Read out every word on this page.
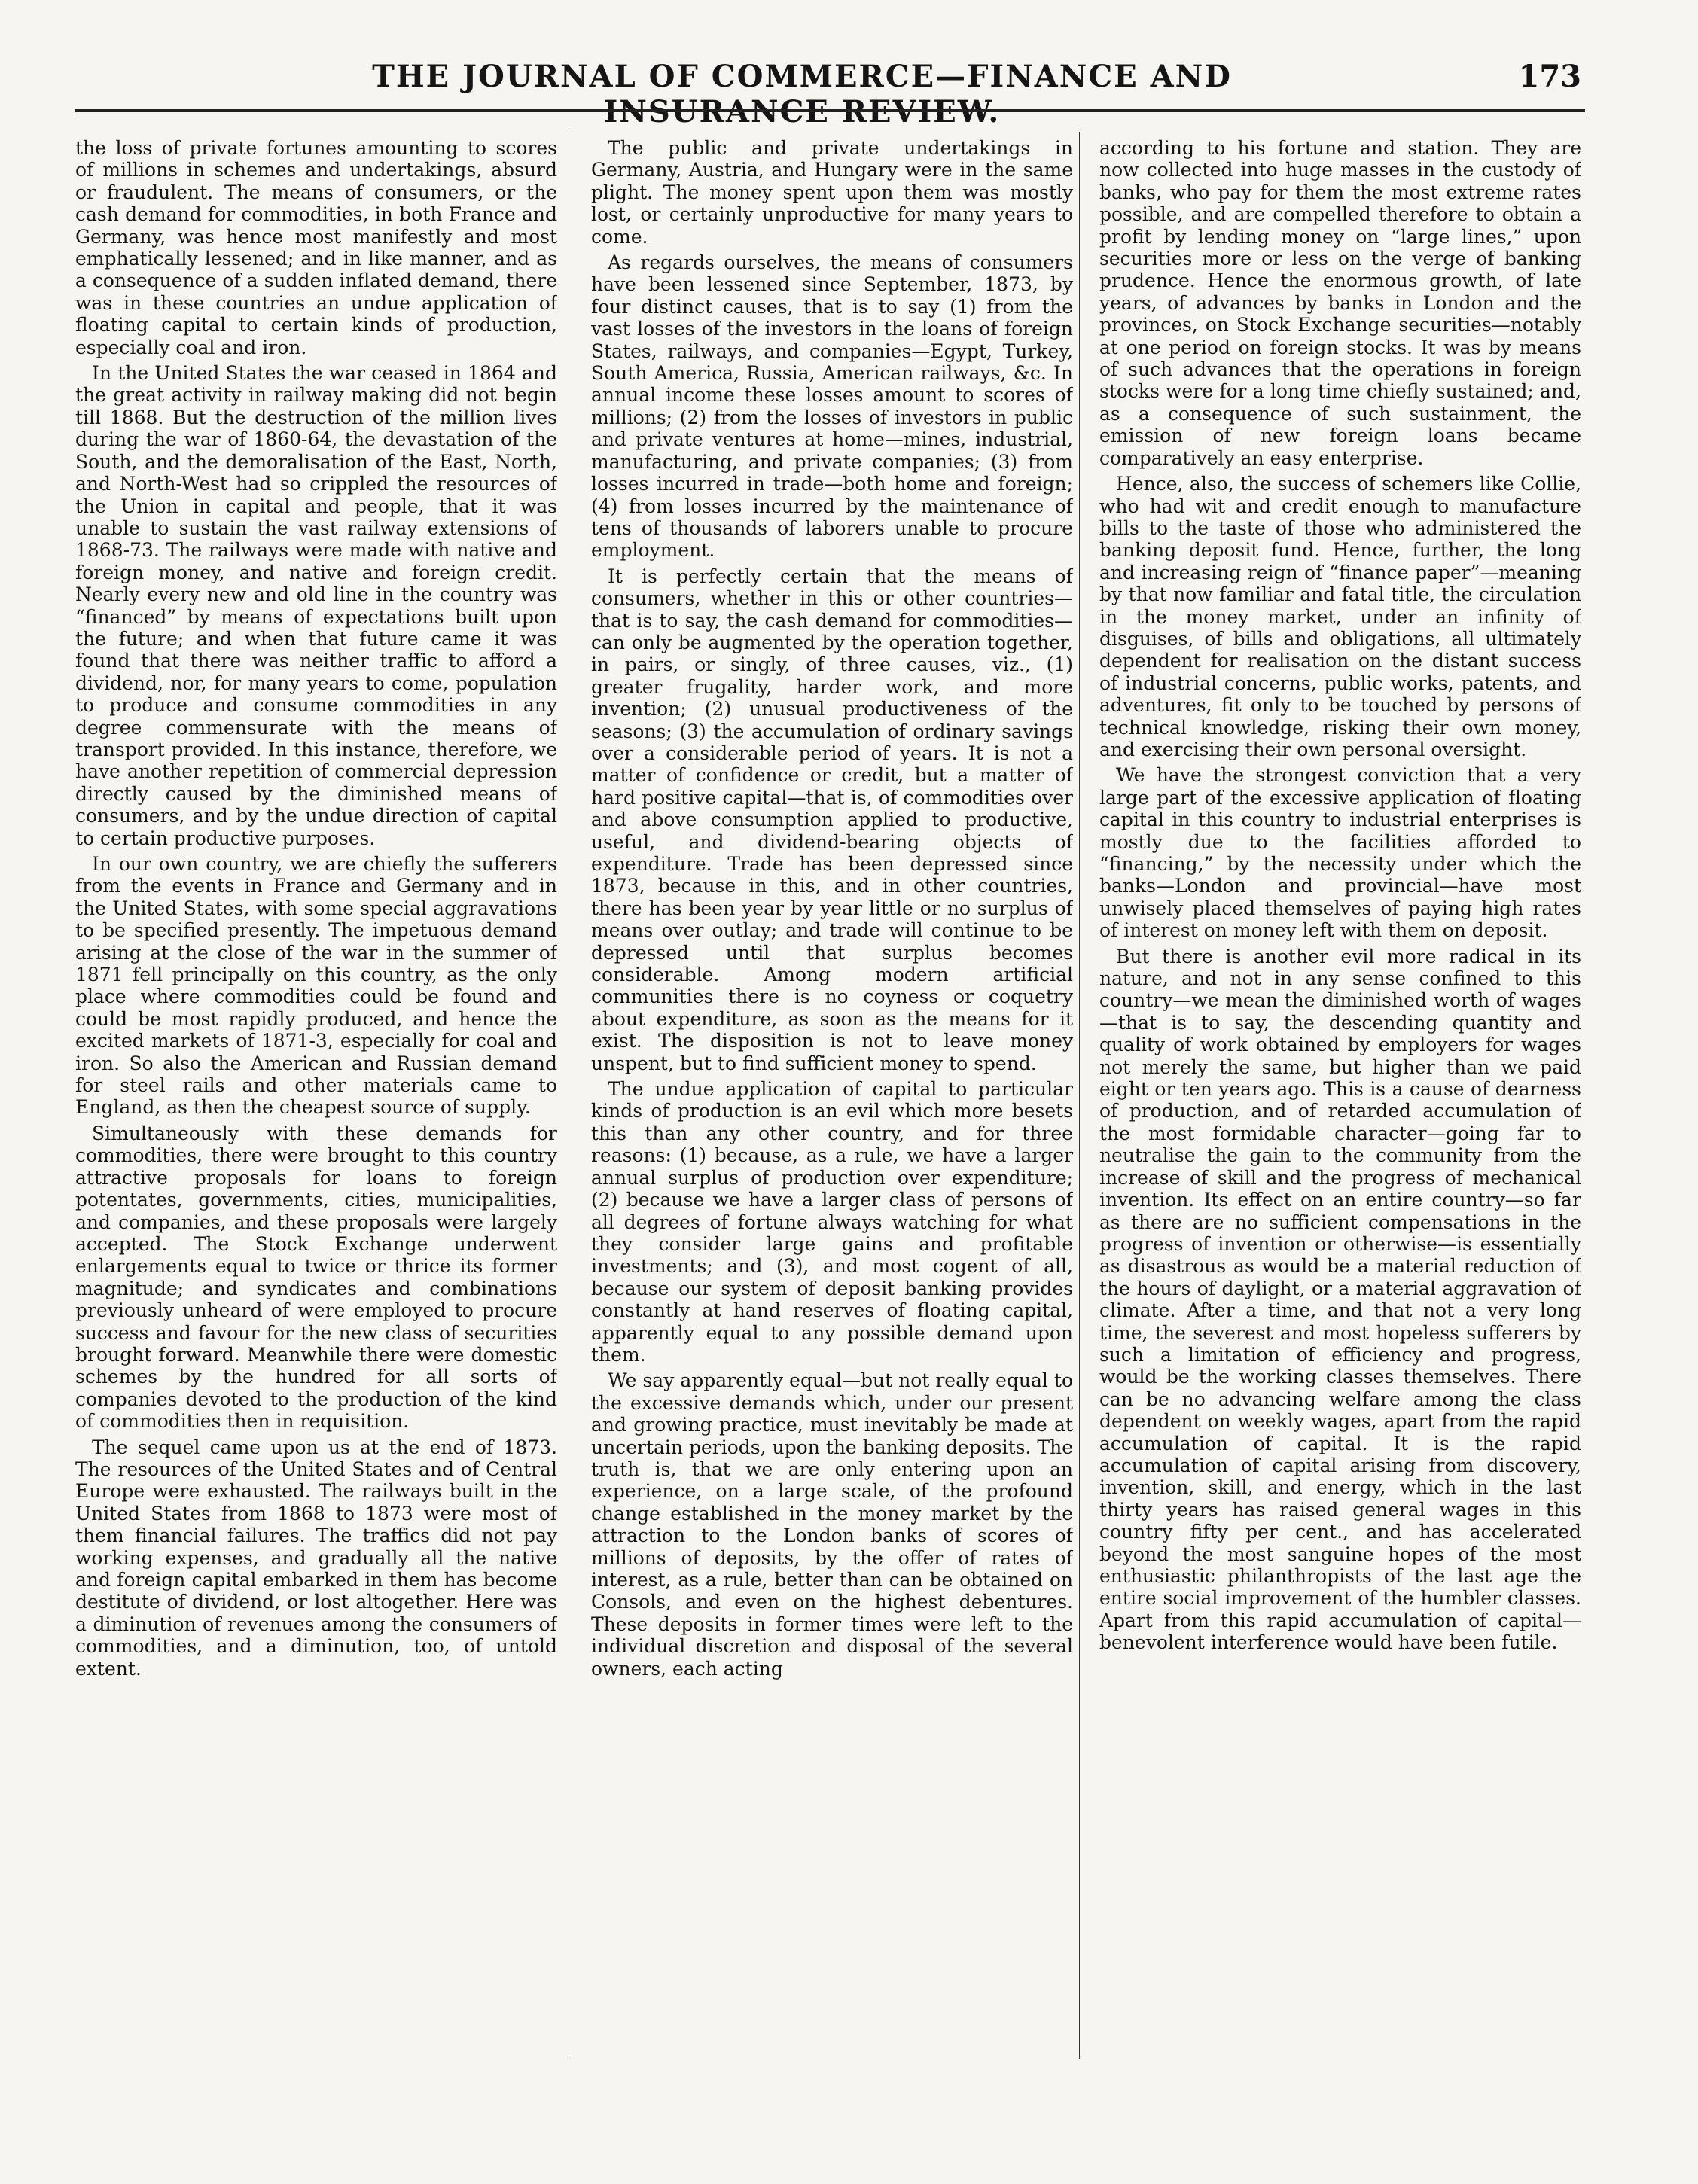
THE JOURNAL OF COMMERCE—FINANCE AND	173

the loss of private fortunes amounting to scores of millions in schemes and undertakings, absurd or fraudulent. The means of consumers, or the cash demand for commodities, in both France and Germany, was hence most manifestly and most emphatically lessened; and in like manner, and as a consequence of a sudden inflated demand, there was in these countries an undue application of floating capital to certain kinds of production, especially coal and iron.

In the United States the war ceased in 1864 and the great activity in railway making did not begin till 1868. But the destruction of the million lives during the war of 1860-64, the devastation of the South, and the demoralisation of the East, North, and North-West had so crippled the resources of the Union in capital and people, that it was unable to sustain the vast railway extensions of 1868-73. The railways were made with native and foreign money, and native and foreign credit. Nearly every new and old line in the country was “financed” by means of expectations built upon the future; and when that future came it was found that there was neither traffic to afford a dividend, nor, for many years to come, population to produce and consume commodities in any degree commensurate with the means of transport provided. In this instance, therefore, we have another repetition of commercial depression directly caused by the diminished means of consumers, and by the undue direction of capital to certain productive purposes.

In our own country, we are chiefly the sufferers from the events in France and Germany and in the United States, with some special aggravations to be specified presently. The impetuous demand arising at the close of the war in the summer of 1871 fell principally on this country, as the only place where commodities could be found and could be most rapidly produced, and hence the excited markets of 1871-3, especially for coal and iron. So also the American and Russian demand for steel rails and other materials came to England, as then the cheapest source of supply.

Simultaneously with these demands for commodities, there were brought to this country attractive proposals for loans to foreign potentates, governments, cities, municipalities, and companies, and these proposals were largely accepted. The Stock Exchange underwent enlargements equal to twice or thrice its former magnitude; and syndicates and combinations previously unheard of were employed to procure success and favour for the new class of securities brought forward. Meanwhile there were domestic schemes by the hundred for all sorts of companies devoted to the production of the kind of commodities then in requisition.

The sequel came upon us at the end of 1873. The resources of the United States and of Central Europe were exhausted. The railways built in the United States from 1868 to 1873 were most of them financial failures. The traffics did not pay working expenses, and gradually all the native and foreign capital embarked in them has become destitute of dividend, or lost altogether. Here was a diminution of revenues among the consumers of commodities, and a diminution, too, of untold extent.

The public and private undertakings in Germany, Austria, and Hungary were in the same plight. The money spent upon them was mostly lost, or certainly unproductive for many years to come.

As regards ourselves, the means of consumers have been lessened since September, 1873, by four distinct causes, that is to say (1) from the vast losses of the investors in the loans of foreign States, railways, and companies—Egypt, Turkey, South America, Russia, American railways, &c. In annual income these losses amount to scores of millions; (2) from the losses of investors in public and private ventures at home—mines, industrial, manufacturing, and private companies; (3) from losses incurred in trade—both home and foreign; (4) from losses incurred by the maintenance of tens of thousands of laborers unable to procure employment.

It is perfectly certain that the means of consumers, whether in this or other countries—that is to say, the cash demand for commodities—can only be augmented by the operation together, in pairs, or singly, of three causes, viz., (1) greater frugality, harder work, and more invention; (2) unusual productiveness of the seasons; (3) the accumulation of ordinary savings over a considerable period of years. It is not a matter of confidence or credit, but a matter of hard positive capital—that is, of commodities over and above consumption applied to productive, useful, and dividend-bearing objects of expenditure. Trade has been depressed since 1873, because in this, and in other countries, there has been year by year little or no surplus of means over outlay; and trade will continue to be depressed until that surplus becomes considerable. Among modern artificial communities there is no coyness or coquetry about expenditure, as soon as the means for it exist. The disposition is not to leave money unspent, but to find sufficient money to spend.

The undue application of capital to particular kinds of production is an evil which more besets this than any other country, and for three reasons: (1) because, as a rule, we have a larger annual surplus of production over expenditure; (2) because we have a larger class of persons of all degrees of fortune always watching for what they consider large gains and profitable investments; and (3), and most cogent of all, because our system of deposit banking provides constantly at hand reserves of floating capital, apparently equal to any possible demand upon them.

We say apparently equal—but not really equal to the excessive demands which, under our present and growing practice, must inevitably be made at uncertain periods, upon the banking deposits. The truth is, that we are only entering upon an experience, on a large scale, of the profound change established in the money market by the attraction to the London banks of scores of millions of deposits, by the offer of rates of interest, as a rule, better than can be obtained on Consols, and even on the highest debentures. These deposits in former times were left to the individual discretion and disposal of the several owners, each acting

according to his fortune and station. They are now collected into huge masses in the custody of banks, who pay for them the most extreme rates possible, and are compelled therefore to obtain a profit by lending money on “large lines,” upon securities more or less on the verge of banking prudence. Hence the enormous growth, of late years, of advances by banks in London and the provinces, on Stock Exchange securities—notably at one period on foreign stocks. It was by means of such advances that the operations in foreign stocks were for a long time chiefly sustained; and, as a consequence of such sustainment, the emission of new foreign loans became comparatively an easy enterprise.

Hence, also, the success of schemers like Collie, who had wit and credit enough to manufacture bills to the taste of those who administered the banking deposit fund. Hence, further, the long and increasing reign of “finance paper”—meaning by that now familiar and fatal title, the circulation in the money market, under an infinity of disguises, of bills and obligations, all ultimately dependent for realisation on the distant success of industrial concerns, public works, patents, and adventures, fit only to be touched by persons of technical knowledge, risking their own money, and exercising their own personal oversight.

We have the strongest conviction that a very large part of the excessive application of floating capital in this country to industrial enterprises is mostly due to the facilities afforded to “financing,” by the necessity under which the banks—London and provincial—have most unwisely placed themselves of paying high rates of interest on money left with them on deposit.

But there is another evil more radical in its nature, and not in any sense confined to this country—we mean the diminished worth of wages—that is to say, the descending quantity and quality of work obtained by employers for wages not merely the same, but higher than we paid eight or ten years ago. This is a cause of dearness of production, and of retarded accumulation of the most formidable character—going far to neutralise the gain to the community from the increase of skill and the progress of mechanical invention. Its effect on an entire country—so far as there are no sufficient compensations in the progress of invention or otherwise—is essentially as disastrous as would be a material reduction of the hours of daylight, or a material aggravation of climate. After a time, and that not a very long time, the severest and most hopeless sufferers by such a limitation of efficiency and progress, would be the working classes themselves. There can be no advancing welfare among the class dependent on weekly wages, apart from the rapid accumulation of capital. It is the rapid accumulation of capital arising from discovery, invention, skill, and energy, which in the last thirty years has raised general wages in this country fifty per cent., and has accelerated beyond the most sanguine hopes of the most enthusiastic philanthropists of the last age the entire social improvement of the humbler classes. Apart from this rapid accumulation of capital—benevolent interference would have been futile.
